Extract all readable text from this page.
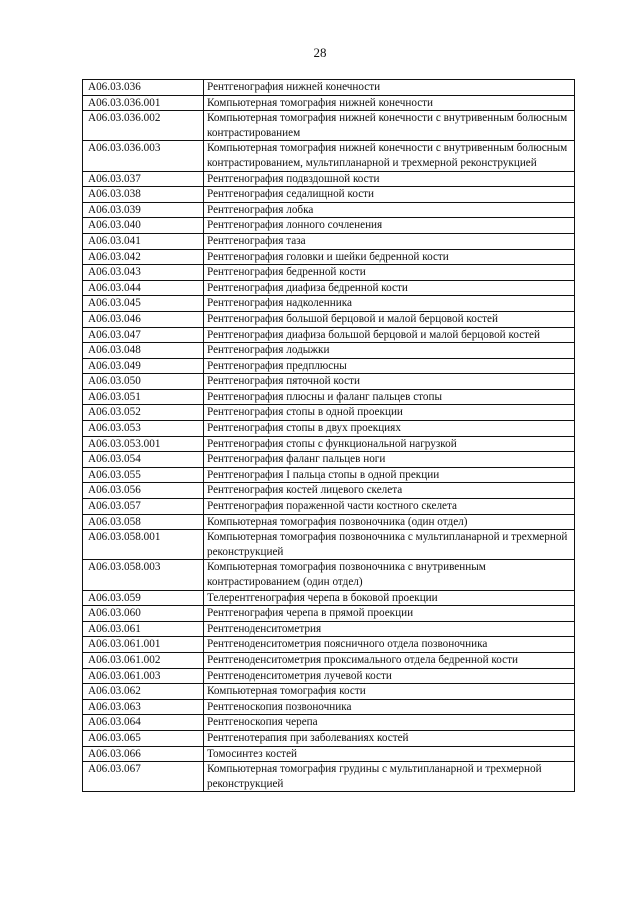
28
A06.03.036	Рентгенография нижней конечности
A06.03.036.001	Компьютерная томография нижней конечности
A06.03.036.002	Компьютерная томография нижней конечности с внутривенным болюсным контрастированием
A06.03.036.003	Компьютерная томография нижней конечности с внутривенным болюсным контрастированием, мультипланарной и трехмерной реконструкцией
A06.03.037	Рентгенография подвздошной кости
A06.03.038	Рентгенография седалищной кости
A06.03.039	Рентгенография лобка
A06.03.040	Рентгенография лонного сочленения
A06.03.041	Рентгенография таза
A06.03.042	Рентгенография головки и шейки бедренной кости
A06.03.043	Рентгенография бедренной кости
A06.03.044	Рентгенография диафиза бедренной кости
A06.03.045	Рентгенография надколенника
A06.03.046	Рентгенография большой берцовой и малой берцовой костей
A06.03.047	Рентгенография диафиза большой берцовой и малой берцовой костей
A06.03.048	Рентгенография лодыжки
A06.03.049	Рентгенография предплюсны
A06.03.050	Рентгенография пяточной кости
A06.03.051	Рентгенография плюсны и фаланг пальцев стопы
A06.03.052	Рентгенография стопы в одной проекции
A06.03.053	Рентгенография стопы в двух проекциях
A06.03.053.001	Рентгенография стопы с функциональной нагрузкой
A06.03.054	Рентгенография фаланг пальцев ноги
A06.03.055	Рентгенография I пальца стопы в одной прекции
A06.03.056	Рентгенография костей лицевого скелета
A06.03.057	Рентгенография пораженной части костного скелета
A06.03.058	Компьютерная томография позвоночника (один отдел)
A06.03.058.001	Компьютерная томография позвоночника с мультипланарной и трехмерной реконструкцией
A06.03.058.003	Компьютерная томография позвоночника с внутривенным контрастированием (один отдел)
A06.03.059	Телерентгенография черепа в боковой проекции
A06.03.060	Рентгенография черепа в прямой проекции
A06.03.061	Рентгеноденситометрия
A06.03.061.001	Рентгеноденситометрия поясничного отдела позвоночника
A06.03.061.002	Рентгеноденситометрия проксимального отдела бедренной кости
A06.03.061.003	Рентгеноденситометрия лучевой кости
A06.03.062	Компьютерная томография кости
A06.03.063	Рентгеноскопия позвоночника
A06.03.064	Рентгеноскопия черепа
A06.03.065	Рентгенотерапия при заболеваниях костей
A06.03.066	Томосинтез костей
A06.03.067	Компьютерная томография грудины с мультипланарной и трехмерной реконструкцией
